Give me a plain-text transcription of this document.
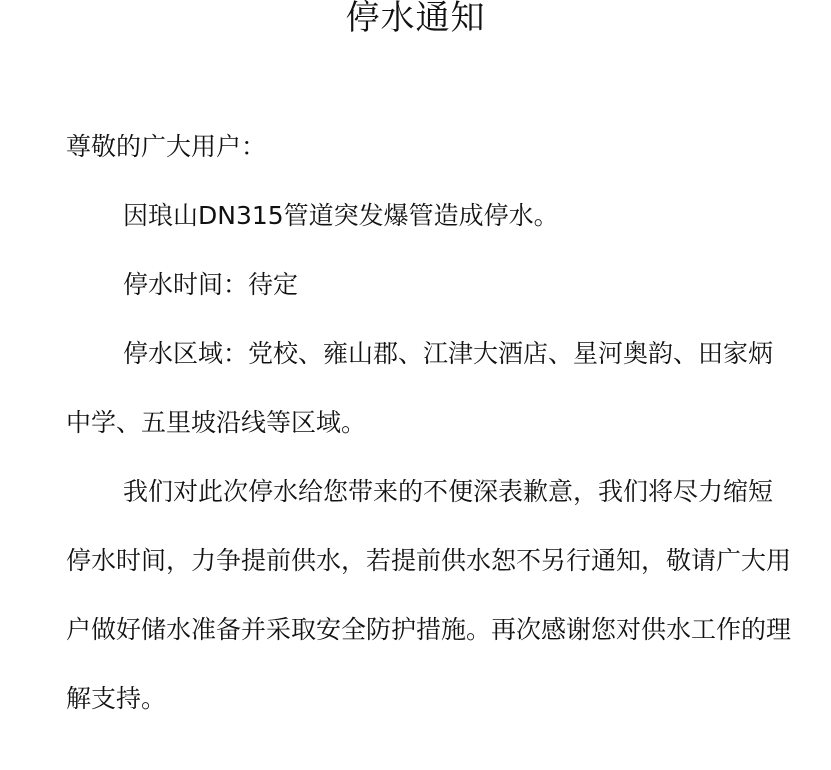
停水通知

尊敬的广大用户：

因琅山DN315管道突发爆管造成停水。

停水时间：待定

停水区域：党校、雍山郡、江津大酒店、星河奥韵、田家炳中学、五里坡沿线等区域。

我们对此次停水给您带来的不便深表歉意，我们将尽力缩短停水时间，力争提前供水，若提前供水恕不另行通知，敬请广大用户做好储水准备并采取安全防护措施。再次感谢您对供水工作的理解支持。
